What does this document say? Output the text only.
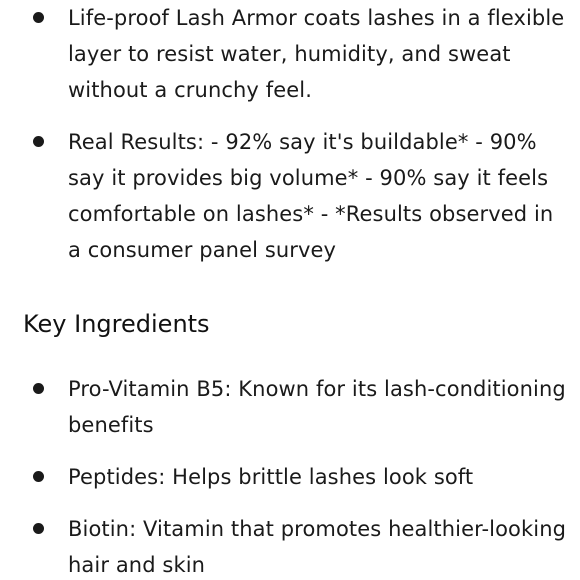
Life-proof Lash Armor coats lashes in a flexible layer to resist water, humidity, and sweat without a crunchy feel.
Real Results: - 92% say it's buildable* - 90% say it provides big volume* - 90% say it feels comfortable on lashes* - *Results observed in a consumer panel survey
Key Ingredients
Pro-Vitamin B5: Known for its lash-conditioning benefits
Peptides: Helps brittle lashes look soft
Biotin: Vitamin that promotes healthier-looking hair and skin
